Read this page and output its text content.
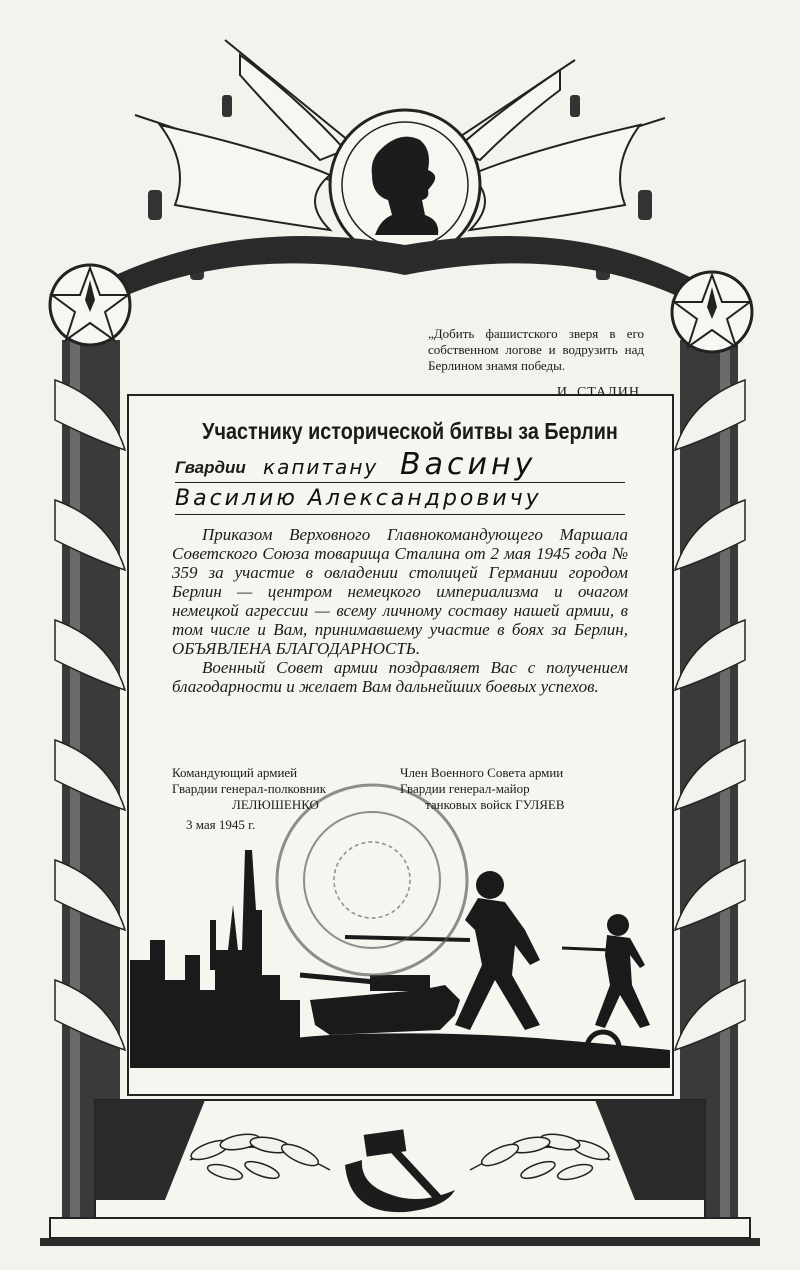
„Добить фашистского зверя в его собственном логове и водрузить над Берлином знамя победы.
И. СТАЛИН
Участнику исторической битвы за Берлин
Гвардии капитану Васину
Василию Александровичу

Приказом Верховного Главнокомандующего Маршала Советского Союза товарища Сталина от 2 мая 1945 года № 359 за участие в овладении столицей Германии городом Берлин — центром немецкого империализма и очагом немецкой агрессии — всему личному составу нашей армии, в том числе и Вам, принимавшему участие в боях за Берлин, ОБЪЯВЛЕНА БЛАГОДАРНОСТЬ.

Военный Совет армии поздравляет Вас с получением благодарности и желает Вам дальнейших боевых успехов.

Командующий армией
Гвардии генерал-полковник
ЛЕЛЮШЕНКО
Член Военного Совета армии
Гвардии генерал-майор
танковых войск ГУЛЯЕВ
3 мая 1945 г.
